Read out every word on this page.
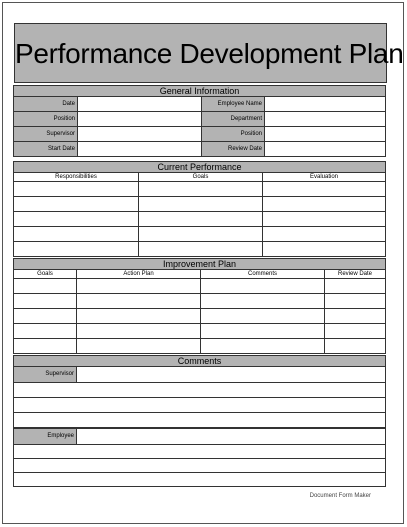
Performance Development Plan
General Information
Date	Employee Name
Position	Department
Supervisor	Position
Start Date	Review Date
Current Performance
Responsibilities	Goals	Evaluation
Improvement Plan
Goals	Action Plan	Comments	Review Date
Comments
Supervisor
Employee
Document Form Maker
